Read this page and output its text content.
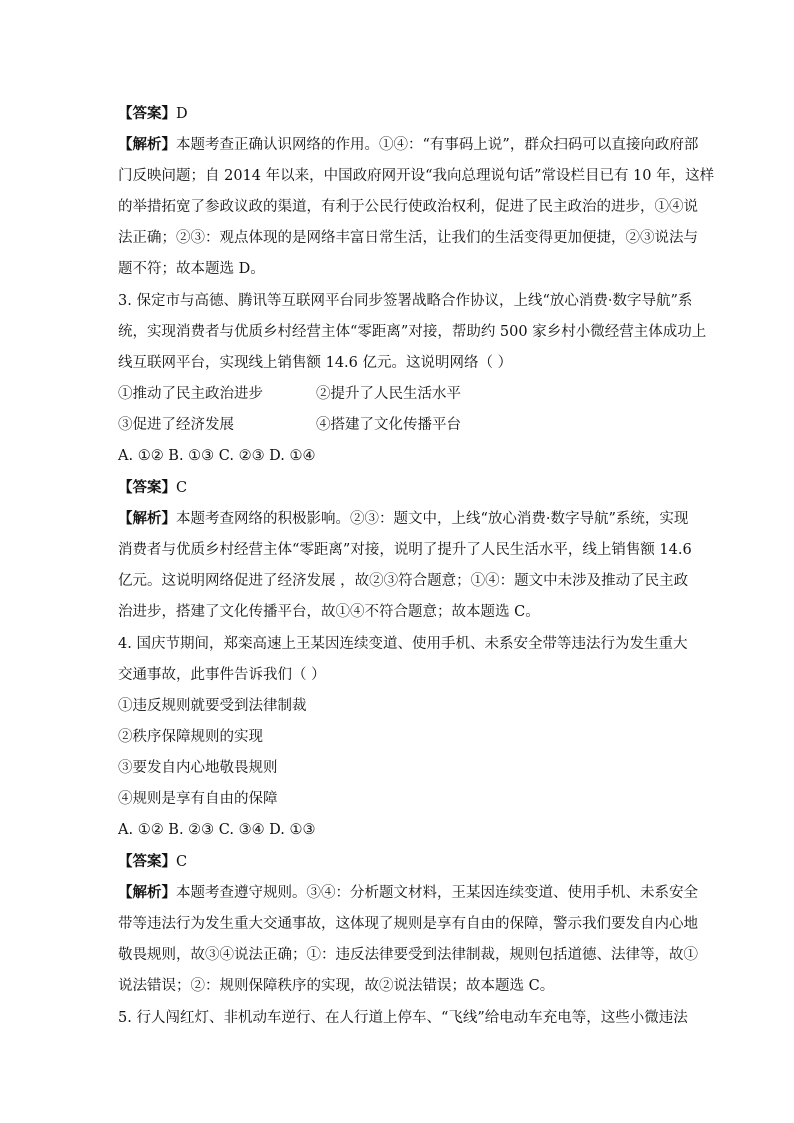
【答案】D
【解析】本题考查正确认识网络的作用。①④：“有事码上说”，群众扫码可以直接向政府部
门反映问题；自 2014 年以来，中国政府网开设“我向总理说句话”常设栏目已有 10 年，这样
的举措拓宽了参政议政的渠道，有利于公民行使政治权利，促进了民主政治的进步，①④说
法正确；②③：观点体现的是网络丰富日常生活，让我们的生活变得更加便捷，②③说法与
题不符；故本题选 D。
3. 保定市与高德、腾讯等互联网平台同步签署战略合作协议，上线“放心消费·数字导航”系
统，实现消费者与优质乡村经营主体“零距离”对接，帮助约 500 家乡村小微经营主体成功上
线互联网平台，实现线上销售额 14.6 亿元。这说明网络（ ）
①推动了民主政治进步	②提升了人民生活水平
③促进了经济发展	④搭建了文化传播平台
A. ①② B. ①③ C. ②③ D. ①④
【答案】C
【解析】本题考查网络的积极影响。②③：题文中，上线“放心消费·数字导航”系统，实现
消费者与优质乡村经营主体“零距离”对接，说明了提升了人民生活水平，线上销售额 14.6
亿元。这说明网络促进了经济发展 ，故②③符合题意；①④：题文中未涉及推动了民主政
治进步，搭建了文化传播平台，故①④不符合题意；故本题选 C。
4. 国庆节期间，郑栾高速上王某因连续变道、使用手机、未系安全带等违法行为发生重大
交通事故，此事件告诉我们（ ）
①违反规则就要受到法律制裁
②秩序保障规则的实现
③要发自内心地敬畏规则
④规则是享有自由的保障
A. ①② B. ②③ C. ③④ D. ①③
【答案】C
【解析】本题考查遵守规则。③④：分析题文材料，王某因连续变道、使用手机、未系安全
带等违法行为发生重大交通事故，这体现了规则是享有自由的保障，警示我们要发自内心地
敬畏规则，故③④说法正确；①：违反法律要受到法律制裁，规则包括道德、法律等，故①
说法错误；②：规则保障秩序的实现，故②说法错误；故本题选 C。
5. 行人闯红灯、非机动车逆行、在人行道上停车、“飞线”给电动车充电等，这些小微违法
